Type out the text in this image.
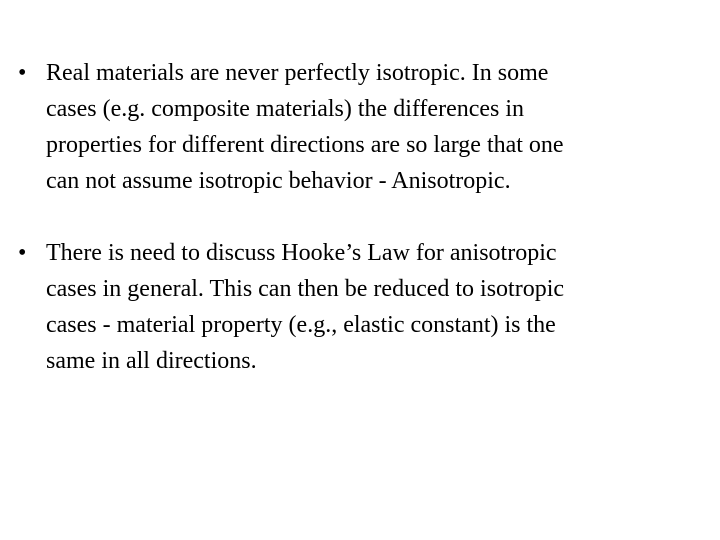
• Real materials are never perfectly isotropic. In some
cases (e.g. composite materials) the differences in
properties for different directions are so large that one
can not assume isotropic behavior - Anisotropic.
• There is need to discuss Hooke’s Law for anisotropic
cases in general. This can then be reduced to isotropic
cases - material property (e.g., elastic constant) is the
same in all directions.
